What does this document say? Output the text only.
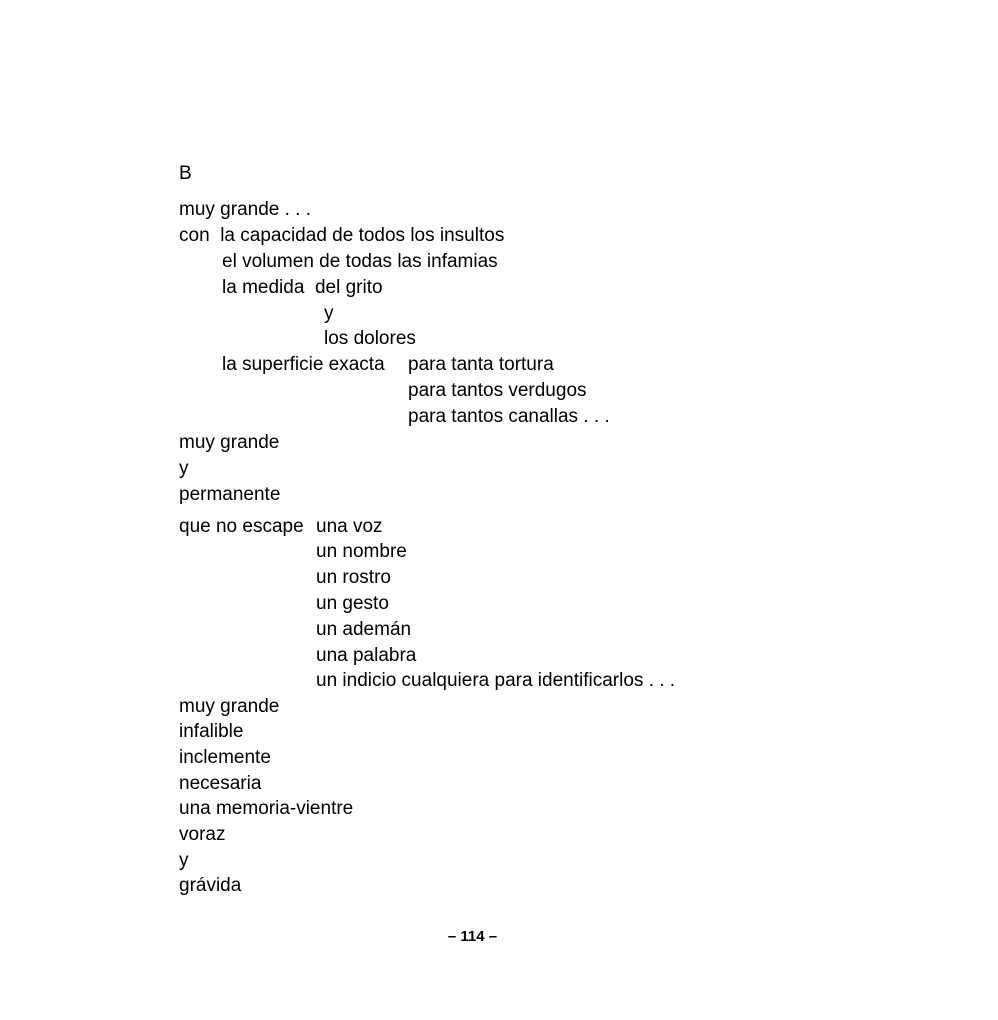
B
muy grande . . .
con  la capacidad de todos los insultos
el volumen de todas las infamias
la medida  del grito
y
los dolores
la superficie exacta para tanta tortura
para tantos verdugos
para tantos canallas . . .
muy grande
y
permanente
que no escape una voz
un nombre
un rostro
un gesto
un ademán
una palabra
un indicio cualquiera para identificarlos . . .
muy grande
infalible
inclemente
necesaria
una memoria-vientre
voraz
y
grávida
– 114 –
